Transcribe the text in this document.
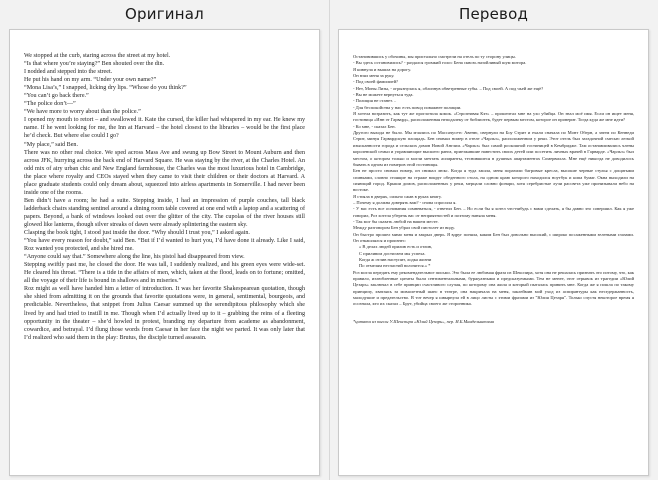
Оригинал

We stopped at the curb, staring across the street at my hotel.

“Is that where you’re staying?” Ben shouted over the din.

I nodded and stepped into the street.

He put his hand on my arm. “Under your own name?”

“Mona Lisa’s,” I snapped, licking dry lips. “Whose do you think?”

“You can’t go back there.”

“The police don’t—”

“We have more to worry about than the police.”

I opened my mouth to retort – and swallowed it. Kate the cursed, the killer had whispered in my ear. He knew my name. If he went looking for me, the Inn at Harvard – the hotel closest to the libraries – would be the first place he’d check. But where else could I go?

“My place,” said Ben.

There was no other real choice. We sped across Mass Ave and swung up Bow Street to Mount Auburn and then across JFK, hurrying across the back end of Harvard Square. He was staying by the river, at the Charles Hotel. An odd mix of airy urban chic and New England farmhouse, the Charles was the most luxurious hotel in Cambridge, the place where royalty and CEOs stayed when they came to visit their children or their doctors at Harvard. A place graduate students could only dream about, squeezed into airless apartments in Somerville. I had never been inside one of the rooms.

Ben didn’t have a room; he had a suite. Stepping inside, I had an impression of purple couches, tall black ladderback chairs standing sentinel around a dining room table covered at one end with a laptop and a scattering of papers. Beyond, a bank of windows looked out over the glitter of the city. The cupolas of the river houses still glowed like lanterns, though silver streaks of dawn were already splintering the eastern sky.

Clasping the book tight, I stood just inside the door. “Why should I trust you,” I asked again.

“You have every reason for doubt,” said Ben. “But if I’d wanted to hurt you, I’d have done it already. Like I said, Roz wanted you protected, and she hired me.

“Anyone could say that.” Somewhere along the line, his pistol had disappeared from view.

Stepping swiftly past me, he closed the door. He was tall, I suddenly realized, and his green eyes were wide-set. He cleared his throat. “There is a tide in the affairs of men, which, taken at the flood, leads on to fortune; omitted, all the voyage of their life is bound in shallows and in miseries.”

Roz might as well have handed him a letter of introduction. It was her favorite Shakespearean quotation, though she shied from admitting it on the grounds that favorite quotations were, in general, sentimental, bourgeois, and predictable. Nevertheless, that snippet from Julius Caesar summed up the serendipitous philosophy which she lived by and had tried to instill in me. Though when I’d actually lived up to it – grabbing the reins of a fleeting opportunity in the theater – she’d howled in protest, branding my departure from academe as abandonment, cowardice, and betrayal. I’d flung those words from Caesar in her face the night we parted. It was only later that I’d realized who said them in the play: Brutus, the disciple turned assassin.

Перевод

Остановившись у обочины, мы пристально смотрели на отель по ту сторону улицы.

- Вы здесь остановились? - раздался громкий голос Бена сквозь назойливый шум мотора.

Я кивнула и вышла на дорогу.

Он взял меня за руку.

- Под своей фамилией?

- Нет, Моны Лизы, - огрызнулась я, облизнув обветренные губы. – Под своей. А под чьей же ещё?

- Вы не можете вернуться туда.

- Полиция не станет…

- Для беспокойства у нас есть повод поважнее полиции.

Я хотела возразить, как тут же проглотила комок. «Строптивая Кэт» – прошептал мне на ухо убийца. Он знал моё имя. Если он ищет меня, гостиница «Инн эт Гарвард», расположенная неподалеку от библиотек, будет первым местом, которое он проверит. Тогда куда же мне идти?

- Ко мне, - сказал Бен.

Другого выхода не было. Мы мчались по Массачусетс Авеню, свернули на Боу Стрит и ехали сначала по Монт Оберн, а затем по Кеннеди Стрит, минуя Гарвардскую площадь. Бен снимал номер в отеле «Чарльз», расположенном у реки. Этот отель был загадочной смесью легкой изысканности города и сельских домов Новой Англии. «Чарльз» был самой роскошной гостиницей в Кембридже. Там останавливались члены королевской семьи и управляющие высшего ранга, приезжавшие навестить своих детей или посетить личных врачей в Гарварде. «Чарльз» был местом, о котором только и могли мечтать аспиранты, теснившиеся в душных апартаментах Сомервилла. Мне ещё никогда не доводилось бывать в одном из номеров этой гостиницы.

Бен не просто снимал номер, он снимал люкс. Когда я туда зашла, меня поразили багровые кресла, высокие черные стулья с дощатыми спинками, словно стоящие на страже вокруг обеденного стола, на одном краю которого находился ноутбук и кипа бумаг. Окна выходили на сияющий город. Крыши домов, расположенных у реки, мерцали словно фонари, хотя серебристые лучи рассвета уже пронизывали небо на востоке.

Я стояла в дверях, сильно сжав в руках книгу.

– Почему я должна доверять вам? - снова спросила я.

- У вас есть все основания сомневаться, - ответил Бен. – Но если бы я хотел что-нибудь с вами сделать, я бы давно это совершил. Как я уже говорил, Роз хотела уберечь вас от неприятностей и поэтому наняла меня.

- Так мог бы сказать любой на вашем месте.

Между разговором Бен убрал свой пистолет из виду.

Он быстро прошел мимо меня и закрыл дверь. Я вдруг поняла, каким Бен был довольно высокий, с широко посаженными зелеными глазами. Он откашлялся и произнес:

« В делах людей прилив есть и отлив,

С приливом достигаем мы успеха.

Когда ж отлив наступит, лодка жизни

По отмелям несчастий волочится.» *

Роз могла передать ему рекомендательное письмо. Это была ее любимая фраза из Шекспира, хотя она не решалась признать это потому, что, как правило, излюбленные цитаты были сентиментальными, буржуазными и предсказуемыми. Тем не менее, этот отрывок из трагедии «Юлий Цезарь» заключал в себе принцип счастливого случая, по которому она жила и который пыталась привить мне. Когда же я пошла по такому принципу, хватаясь за мимолетный шанс в театре, она накричала на меня, заклеймив мой уход из аспирантуры как неседержанность, малодушие и предательство. В тот вечер я швырнула ей в лицо листы с этими фразами из "Юлия Цезаря". Только спустя некоторое время я осознала, кто их сказал – Брут, убийца своего же сторонника.

*цитата из пьесы У.Шекспира «Юлий Цезарь», пер. И.Б.Мандельштама
